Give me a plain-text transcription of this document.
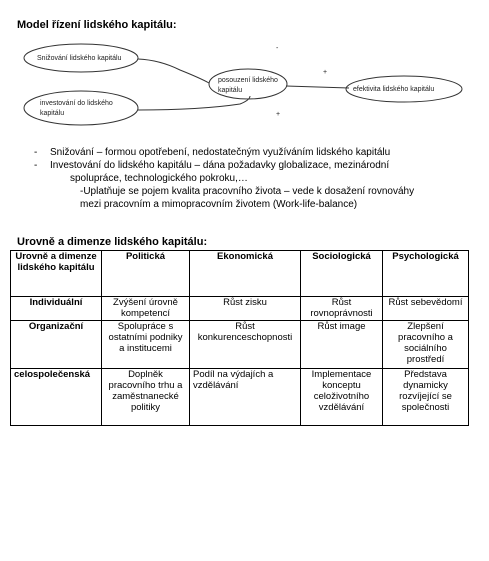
Model řízení lidského kapitálu:
Snižování lidského kapitálu
investování do lidského
kapitálu
posouzení lidského
kapitálu	efektivita lidského kapitálu
-
+
+
- Snižování – formou opotřebení, nedostatečným využíváním lidského kapitálu
- Investování do lidského kapitálu – dána požadavky globalizace, mezinárodní
spolupráce, technologického pokroku,…
-Uplatňuje se pojem kvalita pracovního života – vede k dosažení rovnováhy
mezi pracovním a mimopracovním životem (Work-life-balance)
Urovně a dimenze lidského kapitálu:
Urovně a dimenze lidského kapitálu	Politická	Ekonomická	Sociologická	Psychologická
Individuální	Zvýšení úrovně kompetencí	Růst zisku	Růst rovnoprávnosti	Růst sebevědomí
Organizační	Spolupráce s ostatními podniky a institucemi	Růst konkurenceschopnosti	Růst image	Zlepšení pracovního a sociálního prostředí
celospolečenská	Doplněk pracovního trhu a zaměstnanecké politiky	Podíl na výdajích a vzdělávání	Implementace konceptu celoživotního vzdělávání	Představa dynamicky rozvíjející se společnosti
